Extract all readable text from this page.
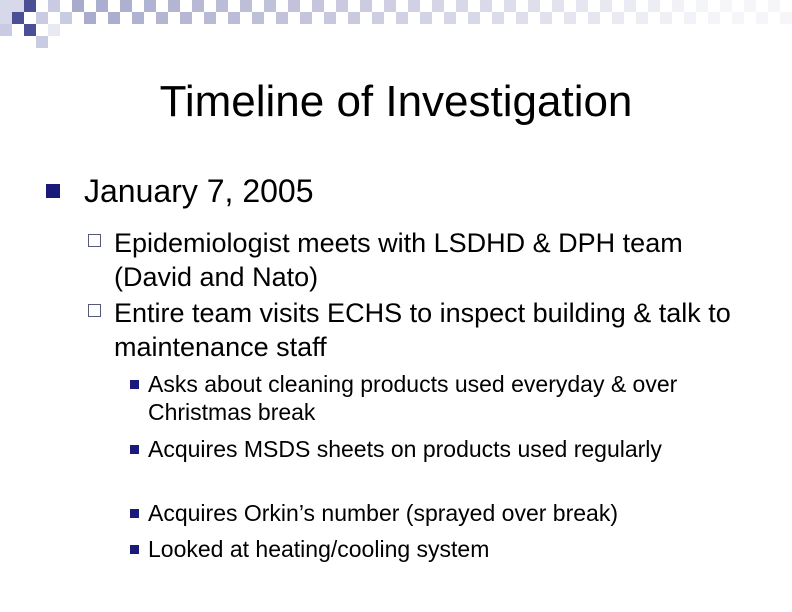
Timeline of Investigation
January 7, 2005
Epidemiologist meets with LSDHD & DPH team (David and Nato)
Entire team visits ECHS to inspect building & talk to maintenance staff
Asks about cleaning products used everyday & over Christmas break
Acquires MSDS sheets on products used regularly
Acquires Orkin’s number (sprayed over break)
Looked at heating/cooling system
